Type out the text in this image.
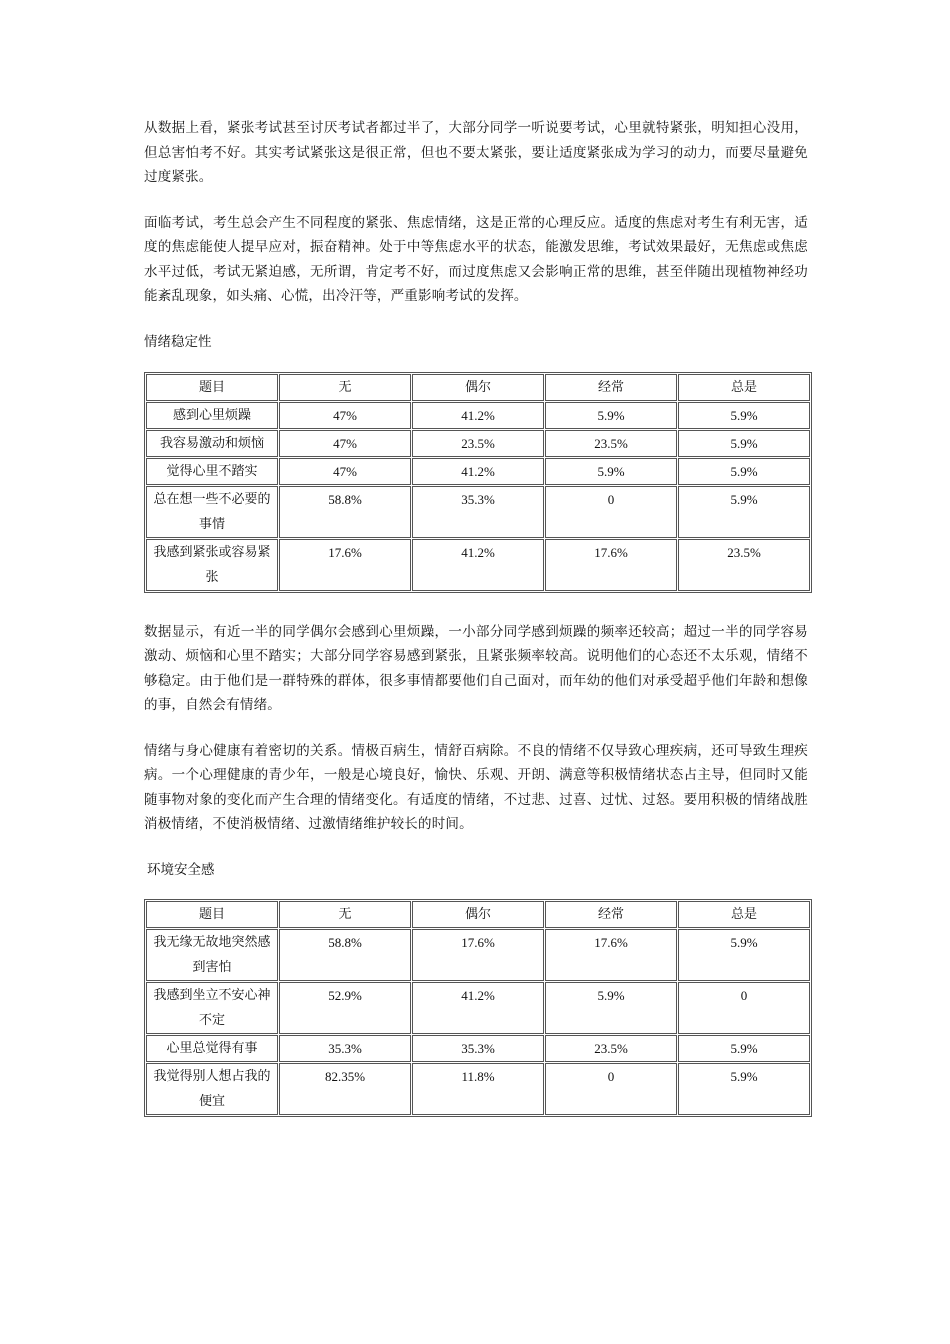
从数据上看，紧张考试甚至讨厌考试者都过半了，大部分同学一听说要考试，心里就特紧张，明知担心没用，但总害怕考不好。其实考试紧张这是很正常，但也不要太紧张，要让适度紧张成为学习的动力，而要尽量避免过度紧张。

面临考试，考生总会产生不同程度的紧张、焦虑情绪，这是正常的心理反应。适度的焦虑对考生有利无害，适度的焦虑能使人提早应对，振奋精神。处于中等焦虑水平的状态，能激发思维，考试效果最好，无焦虑或焦虑水平过低，考试无紧迫感，无所谓，肯定考不好，而过度焦虑又会影响正常的思维，甚至伴随出现植物神经功能紊乱现象，如头痛、心慌，出冷汗等，严重影响考试的发挥。

情绪稳定性

题目	无	偶尔	经常	总是
感到心里烦躁	47%	41.2%	5.9%	5.9%
我容易激动和烦恼	47%	23.5%	23.5%	5.9%
觉得心里不踏实	47%	41.2%	5.9%	5.9%
总在想一些不必要的事情	58.8%	35.3%	0	5.9%
我感到紧张或容易紧张	17.6%	41.2%	17.6%	23.5%

数据显示，有近一半的同学偶尔会感到心里烦躁，一小部分同学感到烦躁的频率还较高；超过一半的同学容易激动、烦恼和心里不踏实；大部分同学容易感到紧张，且紧张频率较高。说明他们的心态还不太乐观，情绪不够稳定。由于他们是一群特殊的群体，很多事情都要他们自己面对，而年幼的他们对承受超乎他们年龄和想像的事，自然会有情绪。

情绪与身心健康有着密切的关系。情极百病生，情舒百病除。不良的情绪不仅导致心理疾病，还可导致生理疾病。一个心理健康的青少年，一般是心境良好，愉快、乐观、开朗、满意等积极情绪状态占主导，但同时又能随事物对象的变化而产生合理的情绪变化。有适度的情绪，不过悲、过喜、过忧、过怒。要用积极的情绪战胜消极情绪，不使消极情绪、过激情绪维护较长的时间。

环境安全感

题目	无	偶尔	经常	总是
我无缘无故地突然感到害怕	58.8%	17.6%	17.6%	5.9%
我感到坐立不安心神不定	52.9%	41.2%	5.9%	0
心里总觉得有事	35.3%	35.3%	23.5%	5.9%
我觉得别人想占我的便宜	82.35%	11.8%	0	5.9%
